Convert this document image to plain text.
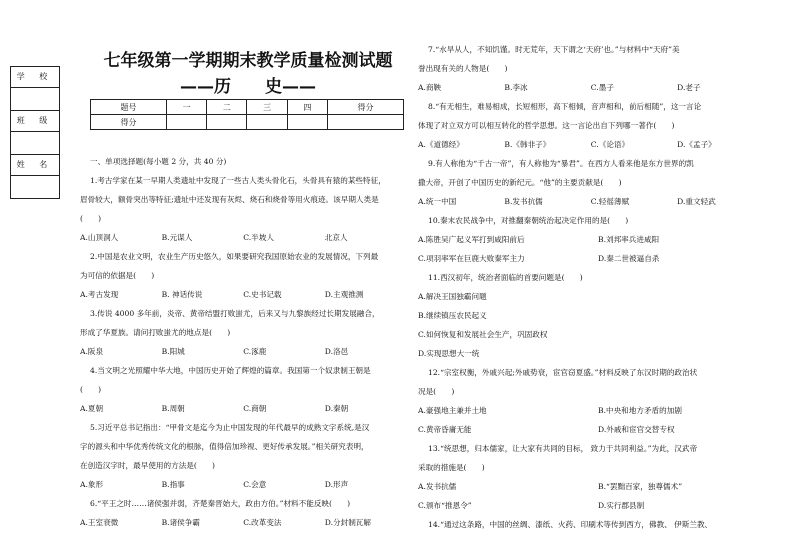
学 校
班 级
姓 名
七年级第一学期期末教学质量检测试题
——历　　史——
题号	一	二	三	四	得分
得分					

一、单项选择题(每小题 2 分，共 40 分)

1.考古学家在某一早期人类遗址中发现了一些古人类头骨化石，头骨具有猿的某些特征，

眉骨较大，额骨突出等特征;遗址中还发现有灰烬、烧石和烧骨等用火痕迹。该早期人类是

(　　)

A.山顶洞人	B.元谋人	C.半坡人	北京人

2.中国是农业文明，农业生产历史悠久，如果要研究我国原始农业的发展情况，下列最

为可信的依据是(　　)

A.考古发现	B. 神话传说	C.史书记载	D.主观推测

3.传说 4000 多年前，炎帝、黄帝结盟打败蚩尤，后来又与九黎族经过长期发展融合，

形成了华夏族。请问打败蚩尤的地点是(　　)

A.阪泉	B.阳城	C.涿鹿	D.洛邑

4.当文明之光照耀中华大地，中国历史开始了辉煌的篇章。我国第一个奴隶制王朝是

(　　)

A.夏朝	B.周朝	C.商朝	D.秦朝

5.习近平总书记指出：“甲骨文是迄今为止中国发现的年代最早的成熟文字系统,是汉

字的源头和中华优秀传统文化的根脉，值得倍加珍视、更好传承发展。”相关研究表明，

在创造汉字时，最早使用的方法是(　　)

A.象形	B.指事	C.会意	D.形声

6.“平王之时……诸侯强并弱，齐楚秦晋始大，政由方伯。”材料不能反映(　　)

A.王室衰微	B.诸侯争霸	C.改革变法	D.分封制瓦解

7.“水旱从人，不知饥馑。时无荒年，天下谓之‘天府’也。”与材料中“天府”美

誉出现有关的人物是(　　)

A.商鞅	B.李冰	C.墨子	D.老子

8.“有无相生，难易相成，长短相形，高下相倾，音声相和，前后相随”，这一言论

体现了对立双方可以相互转化的哲学思想。这一言论出自下列哪一著作(　　)

A.《道德经》	B.《韩非子》	C.《论语》	D.《孟子》

9.有人称他为“千古一帝”，有人称他为“暴君”。在西方人看来他是东方世界的凯

撒大帝，开创了中国历史的新纪元。“他”的主要贡献是(　　)

A.统一中国	B.发书抗儒	C.轻徭薄赋	D.重文轻武

10.秦末农民战争中，对推翻秦朝统治起决定作用的是(　　)

A.陈胜吴广起义军打到咸阳前后	B.刘邦率兵进咸阳
C.项羽率军在巨鹿大败秦军主力	D.秦二世被逼自杀

11.西汉初年，统治者面临的首要问题是(　　)

A.解决王国独霸问题

B.继续镇压农民起义

C.如何恢复和发展社会生产，巩固政权

D.实现思想大一统

12.“宗室权衡，外戚兴起;外戚势衰，宦官窃夏盛。”材料反映了东汉时期的政治状

况是(　　)

A.豪强地主兼并土地	B.中央和地方矛盾的加剧
C.黄帝昏庸无能	D.外戚和宦官交替专权

13.“统思想，归本儒家，让大家有共同的目标， 致力于共同利益。”为此，汉武帝

采取的措施是(　　)

A.发书抗儒	B.“罢黜百家，独尊儒术”
C.颁布“推恩令”	D.实行郡县制

14.“通过这条路，中国的丝绸、漆纸、火药、印刷术等传到西方，佛教、 伊斯兰教、
